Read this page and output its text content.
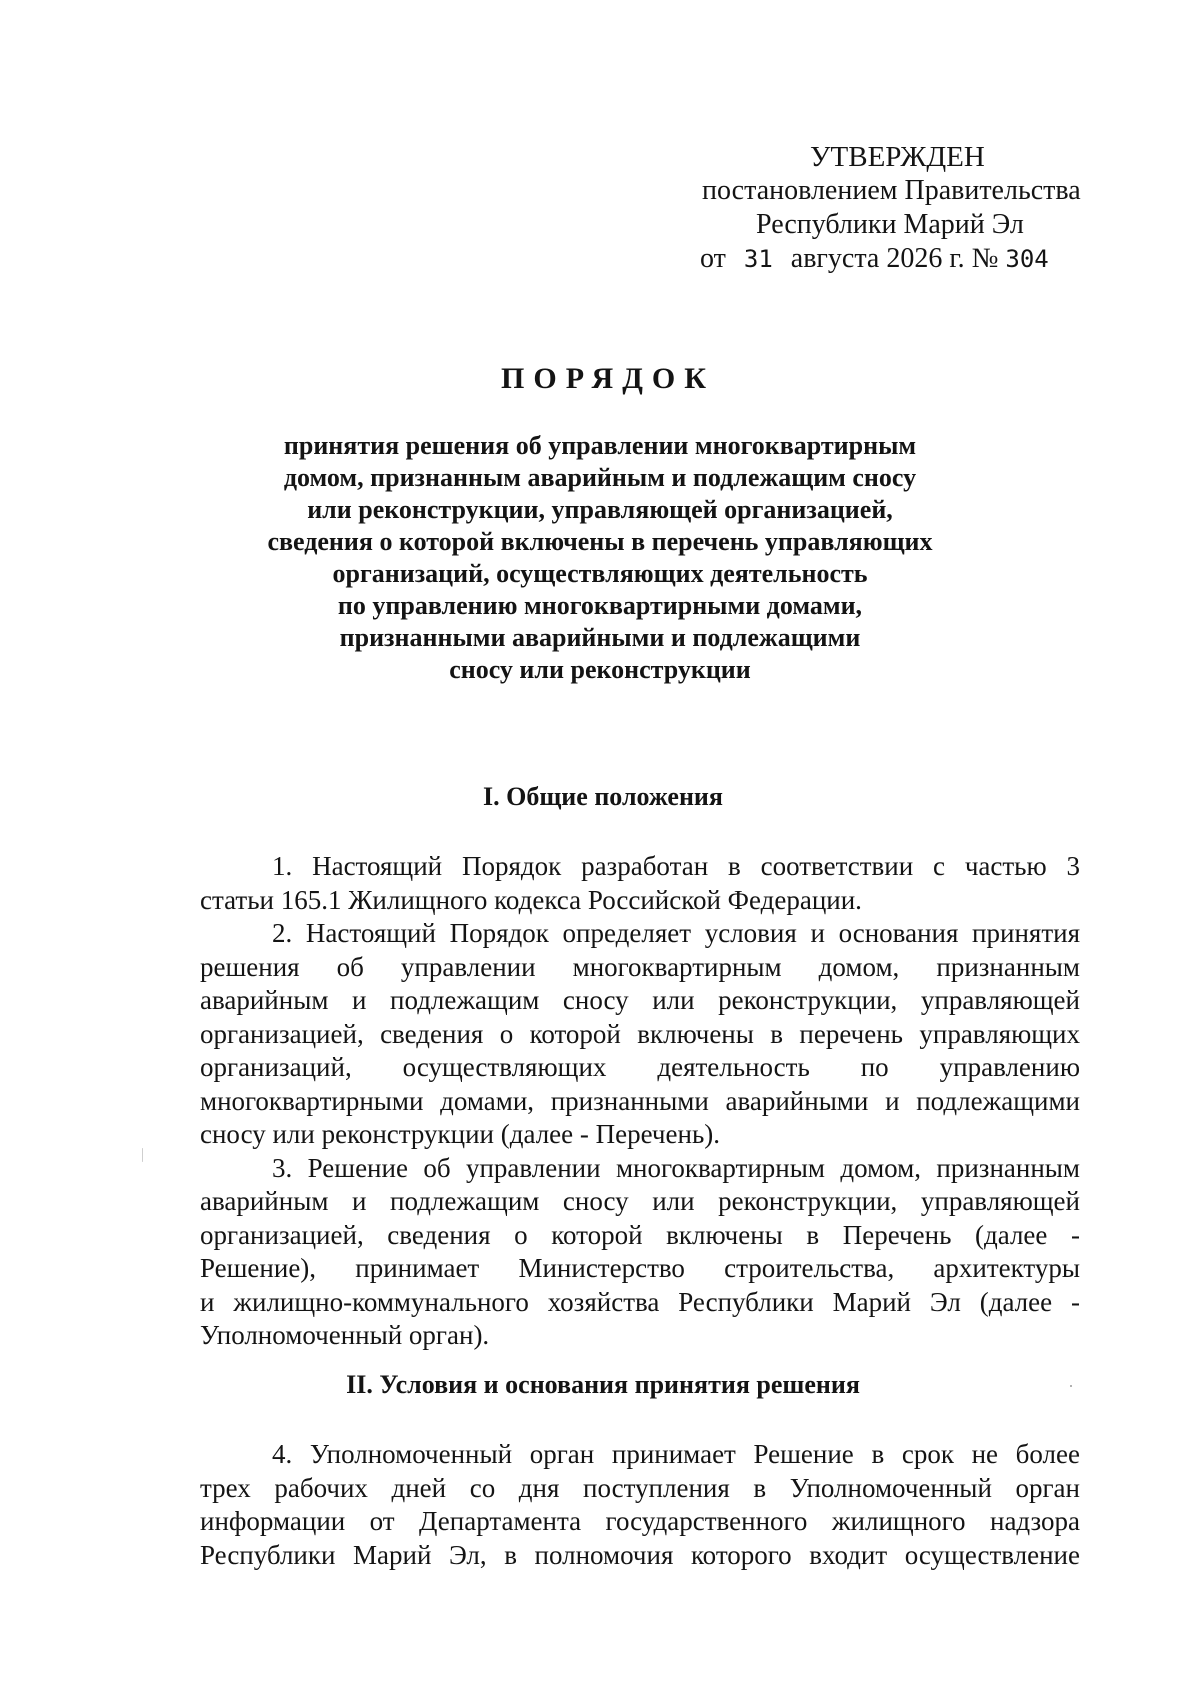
УТВЕРЖДЕН
постановлением Правительства
Республики Марий Эл
от 31 августа 2026 г. № 304
ПОРЯДОК
принятия решения об управлении многоквартирным
домом, признанным аварийным и подлежащим сносу
или реконструкции, управляющей организацией,
сведения о которой включены в перечень управляющих
организаций, осуществляющих деятельность
по управлению многоквартирными домами,
признанными аварийными и подлежащими
сносу или реконструкции
I. Общие положения
1. Настоящий Порядок разработан в соответствии с частью 3
статьи 165.1 Жилищного кодекса Российской Федерации.
2. Настоящий Порядок определяет условия и основания принятия
решения об управлении многоквартирным домом, признанным
аварийным и подлежащим сносу или реконструкции, управляющей
организацией, сведения о которой включены в перечень управляющих
организаций, осуществляющих деятельность по управлению
многоквартирными домами, признанными аварийными и подлежащими
сносу или реконструкции (далее - Перечень).
3. Решение об управлении многоквартирным домом, признанным
аварийным и подлежащим сносу или реконструкции, управляющей
организацией, сведения о которой включены в Перечень (далее -
Решение), принимает Министерство строительства, архитектуры
и жилищно-коммунального хозяйства Республики Марий Эл (далее -
Уполномоченный орган).
II. Условия и основания принятия решения
4. Уполномоченный орган принимает Решение в срок не более
трех рабочих дней со дня поступления в Уполномоченный орган
информации от Департамента государственного жилищного надзора
Республики Марий Эл, в полномочия которого входит осуществление
